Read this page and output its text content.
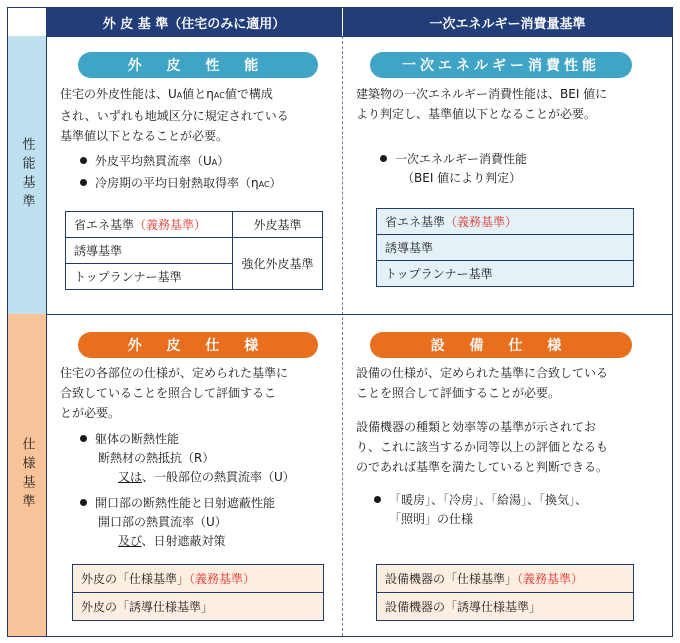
外 皮 基 準（住宅のみに適用）	一次エネルギー消費量基準
性能基準
仕様基準
外 皮 性 能
住宅の外皮性能は、UA値とηAC値で構成
され、いずれも地域区分に規定されている
基準値以下となることが必要。
外皮平均熱貫流率（UA）
冷房期の平均日射熱取得率（ηAC）
省エネ基準（義務基準）	外皮基準
誘導基準	強化外皮基準
トップランナー基準	
一次エネルギー消費性能
建築物の一次エネルギー消費性能は、BEI 値に
より判定し、基準値以下となることが必要。
一次エネルギー消費性能
（BEI 値により判定）
省エネ基準（義務基準）
誘導基準
トップランナー基準
外 皮 仕 様
住宅の各部位の仕様が、定められた基準に
合致していることを照合して評価するこ
とが必要。
躯体の断熱性能
断熱材の熱抵抗（R）
又は、一般部位の熱貫流率（U）
開口部の断熱性能と日射遮蔽性能
開口部の熱貫流率（U）
及び、日射遮蔽対策
外皮の「仕様基準」（義務基準）
外皮の「誘導仕様基準」
設 備 仕 様
設備の仕様が、定められた基準に合致している
ことを照合して評価することが必要。
設備機器の種類と効率等の基準が示されてお
り、これに該当するか同等以上の評価となるも
のであれば基準を満たしていると判断できる。
「暖房」、「冷房」、「給湯」、「換気」、
「照明」の仕様
設備機器の「仕様基準」（義務基準）
設備機器の「誘導仕様基準」
